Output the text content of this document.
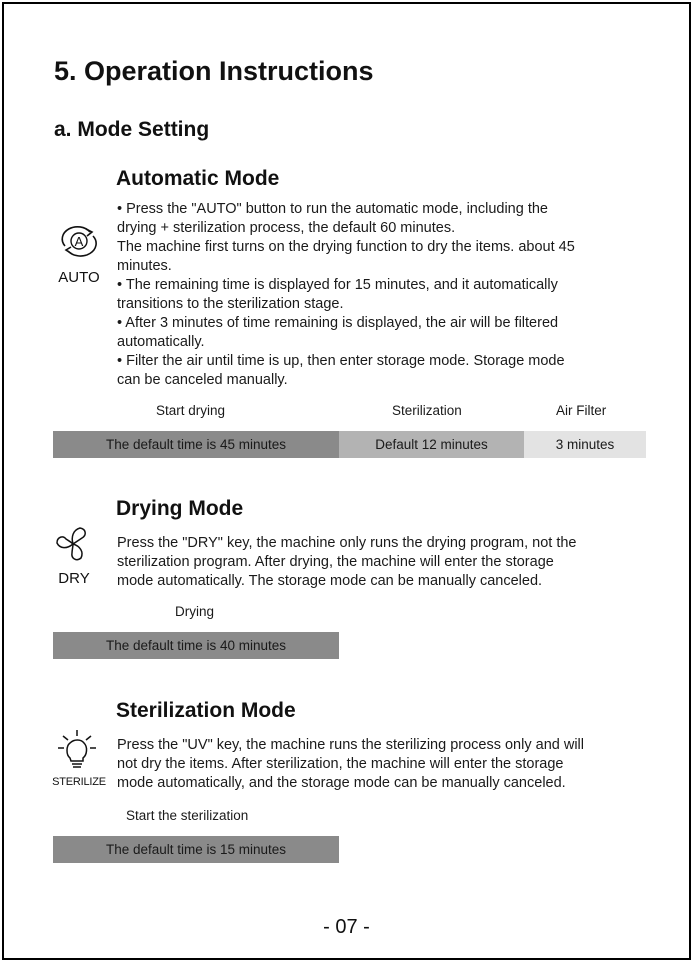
5. Operation Instructions
a. Mode Setting
Automatic Mode
A
AUTO
• Press the "AUTO" button to run the automatic mode, including the
drying + sterilization process, the default 60 minutes.
The machine first turns on the drying function to dry the items. about 45
minutes.
• The remaining time is displayed for 15 minutes, and it automatically
transitions to the sterilization stage.
• After 3 minutes of time remaining is displayed, the air will be filtered
automatically.
• Filter the air until time is up, then enter storage mode. Storage mode
can be canceled manually.
Start drying	Sterilization	Air Filter
The default time is 45 minutes	Default 12 minutes	3 minutes
Drying Mode
DRY
Press the "DRY" key, the machine only runs the drying program, not the
sterilization program. After drying, the machine will enter the storage
mode automatically. The storage mode can be manually canceled.
Drying
The default time is 40 minutes
Sterilization Mode
STERILIZE
Press the "UV" key, the machine runs the sterilizing process only and will
not dry the items. After sterilization, the machine will enter the storage
mode automatically, and the storage mode can be manually canceled.
Start the sterilization
The default time is 15 minutes
- 07 -
